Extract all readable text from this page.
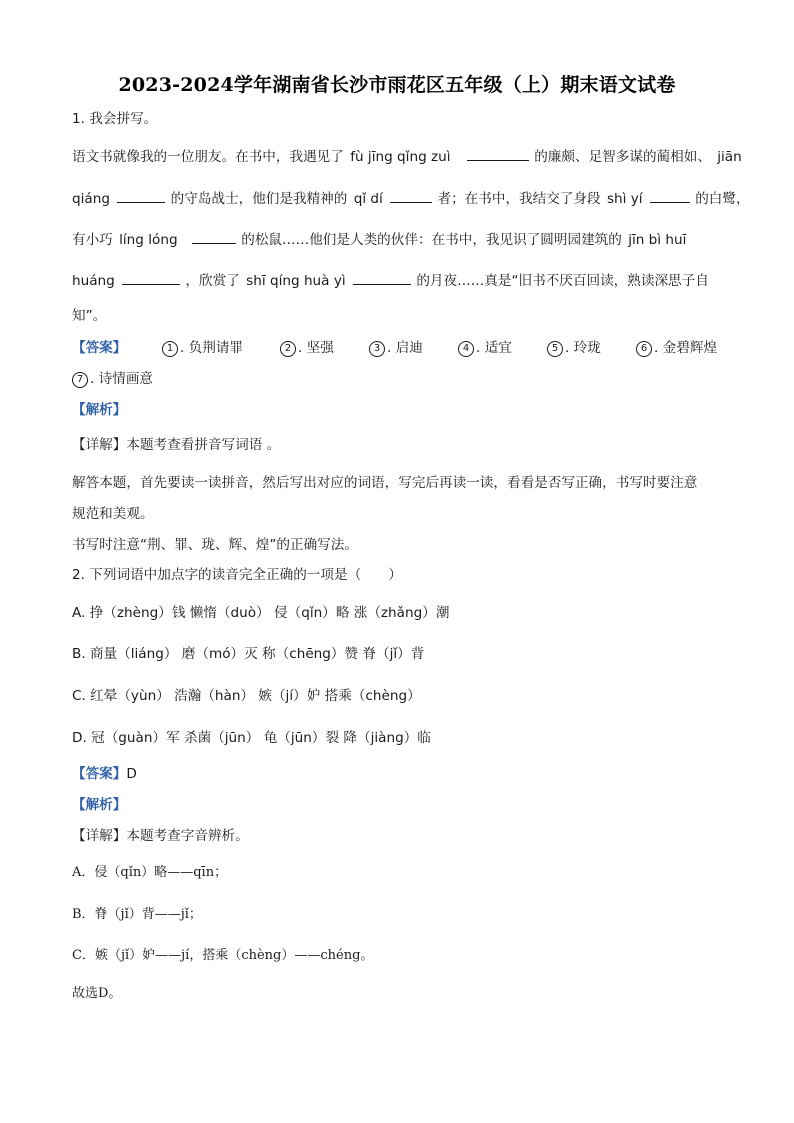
2023-2024学年湖南省长沙市雨花区五年级（上）期末语文试卷
1. 我会拼写。
语文书就像我的一位朋友。在书中，我遇见了 fù jīng qǐng zuì	的廉颇、足智多谋的蔺相如、 jiān
qiáng	的守岛战士，他们是我精神的 qǐ dí	者；在书中，我结交了身段 shì yí	的白鹭，
有小巧 líng lóng	的松鼠……他们是人类的伙伴：在书中，我见识了圆明园建筑的 jīn bì huī
huáng	，欣赏了 shī qíng huà yì	的月夜……真是“旧书不厌百回读，熟读深思子自
知”。
【答案】	1 . 负荆请罪	2 . 坚强	3 . 启迪	4 . 适宜	5 . 玲珑	6 . 金碧辉煌
7 . 诗情画意
【解析】
【详解】本题考查看拼音写词语 。
解答本题，首先要读一读拼音，然后写出对应的词语，写完后再读一读，看看是否写正确，书写时要注意
规范和美观。
书写时注意“荆、罪、珑、辉、煌”的正确写法。
2. 下列词语中加点字的读音完全正确的一项是（　　）
A. 挣（zhèng）钱 懒惰（duò） 侵（qǐn）略 涨（zhǎng）潮
B. 商量（liáng） 磨（mó）灭 称（chēng）赞 脊（jǐ）背
C. 红晕（yùn） 浩瀚（hàn） 嫉（jí）妒 搭乘（chèng）
D. 冠（guàn）军 杀菌（jūn） 龟（jūn）裂 降（jiàng）临
【答案】D
【解析】
【详解】本题考查字音辨析。
A．侵（qǐn）略——qīn；
B．脊（jǐ）背——jǐ；
C．嫉（jǐ）妒——jí，搭乘（chèng）——chéng。
故选D。
